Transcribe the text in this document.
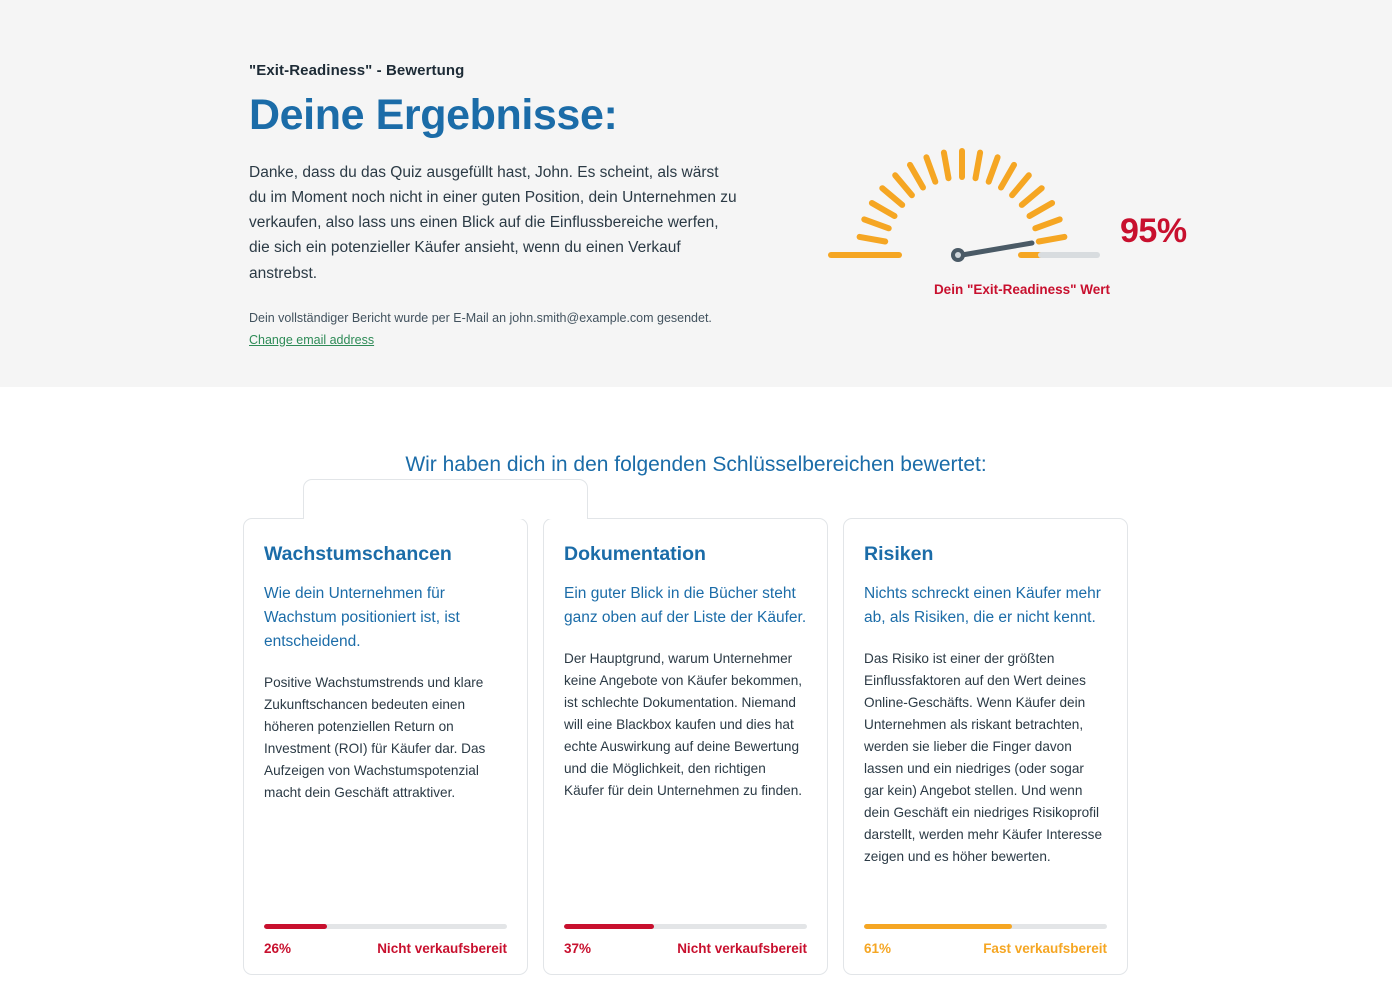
"Exit-Readiness" - Bewertung

Deine Ergebnisse:

Danke, dass du das Quiz ausgefüllt hast, John. Es scheint, als wärst du im Moment noch nicht in einer guten Position, dein Unternehmen zu verkaufen, also lass uns einen Blick auf die Einflussbereiche werfen, die sich ein potenzieller Käufer ansieht, wenn du einen Verkauf anstrebst.

Dein vollständiger Bericht wurde per E-Mail an john.smith@example.com gesendet. Change email address

95%
Dein "Exit-Readiness" Wert
Wir haben dich in den folgenden Schlüsselbereichen bewertet:
Wachstumschancen

Wie dein Unternehmen für Wachstum positioniert ist, ist entscheidend.

Positive Wachstumstrends und klare Zukunftschancen bedeuten einen höheren potenziellen Return on Investment (ROI) für Käufer dar. Das Aufzeigen von Wachstumspotenzial macht dein Geschäft attraktiver.

26%	Nicht verkaufsbereit
Dokumentation

Ein guter Blick in die Bücher steht ganz oben auf der Liste der Käufer.

Der Hauptgrund, warum Unternehmer keine Angebote von Käufer bekommen, ist schlechte Dokumentation. Niemand will eine Blackbox kaufen und dies hat echte Auswirkung auf deine Bewertung und die Möglichkeit, den richtigen Käufer für dein Unternehmen zu finden.

37%	Nicht verkaufsbereit
Risiken

Nichts schreckt einen Käufer mehr ab, als Risiken, die er nicht kennt.

Das Risiko ist einer der größten Einflussfaktoren auf den Wert deines Online-Geschäfts. Wenn Käufer dein Unternehmen als riskant betrachten, werden sie lieber die Finger davon lassen und ein niedriges (oder sogar gar kein) Angebot stellen. Und wenn dein Geschäft ein niedriges Risikoprofil darstellt, werden mehr Käufer Interesse zeigen und es höher bewerten.

61%	Fast verkaufsbereit
